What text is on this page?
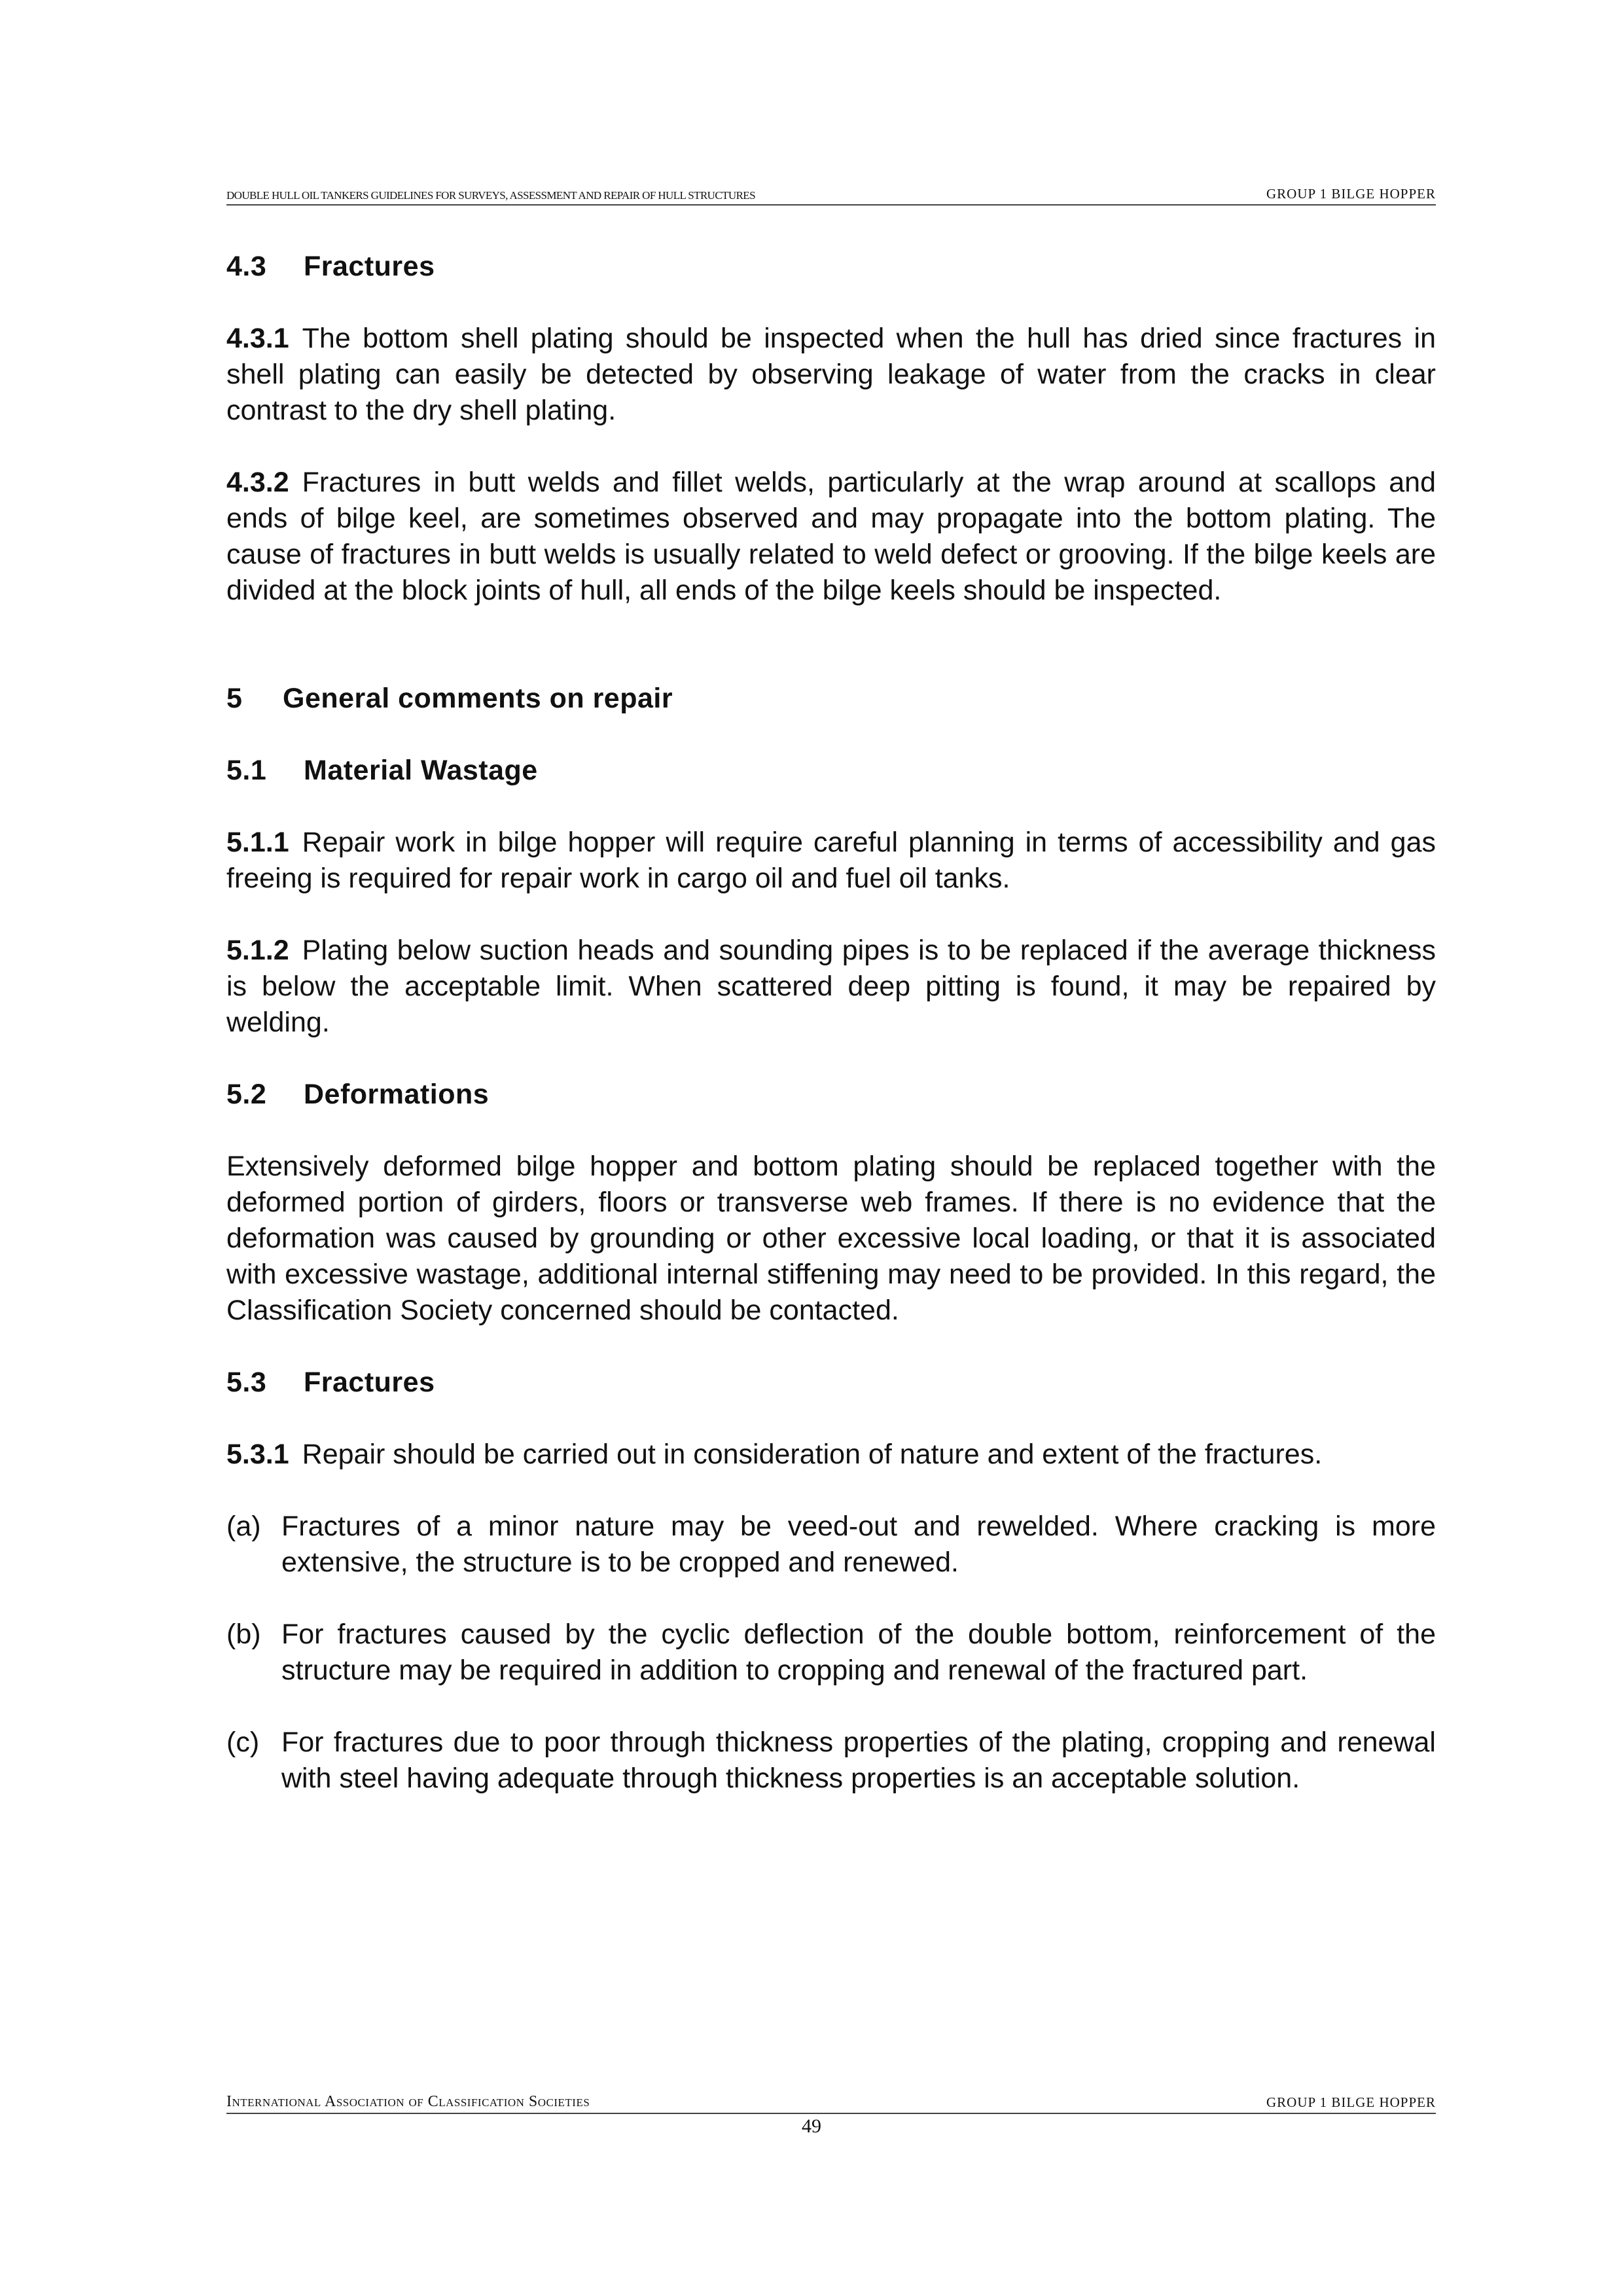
DOUBLE HULL OIL TANKERS GUIDELINES FOR SURVEYS, ASSESSMENT AND REPAIR OF HULL STRUCTURES	GROUP 1 BILGE HOPPER
4.3 Fractures

4.3.1 The bottom shell plating should be inspected when the hull has dried since fractures in shell plating can easily be detected by observing leakage of water from the cracks in clear contrast to the dry shell plating.

4.3.2 Fractures in butt welds and fillet welds, particularly at the wrap around at scallops and ends of bilge keel, are sometimes observed and may propagate into the bottom plating. The cause of fractures in butt welds is usually related to weld defect or grooving. If the bilge keels are divided at the block joints of hull, all ends of the bilge keels should be inspected.

5 General comments on repair
5.1 Material Wastage

5.1.1 Repair work in bilge hopper will require careful planning in terms of accessibility and gas freeing is required for repair work in cargo oil and fuel oil tanks.

5.1.2 Plating below suction heads and sounding pipes is to be replaced if the average thickness is below the acceptable limit. When scattered deep pitting is found, it may be repaired by welding.

5.2 Deformations

Extensively deformed bilge hopper and bottom plating should be replaced together with the deformed portion of girders, floors or transverse web frames. If there is no evidence that the deformation was caused by grounding or other excessive local loading, or that it is associated with excessive wastage, additional internal stiffening may need to be provided. In this regard, the Classification Society concerned should be contacted.

5.3 Fractures

5.3.1 Repair should be carried out in consideration of nature and extent of the fractures.

(a) Fractures of a minor nature may be veed-out and rewelded. Where cracking is more extensive, the structure is to be cropped and renewed.
(b) For fractures caused by the cyclic deflection of the double bottom, reinforcement of the structure may be required in addition to cropping and renewal of the fractured part.
(c) For fractures due to poor through thickness properties of the plating, cropping and renewal with steel having adequate through thickness properties is an acceptable solution.
International Association of Classification Societies	GROUP 1 BILGE HOPPER
49
